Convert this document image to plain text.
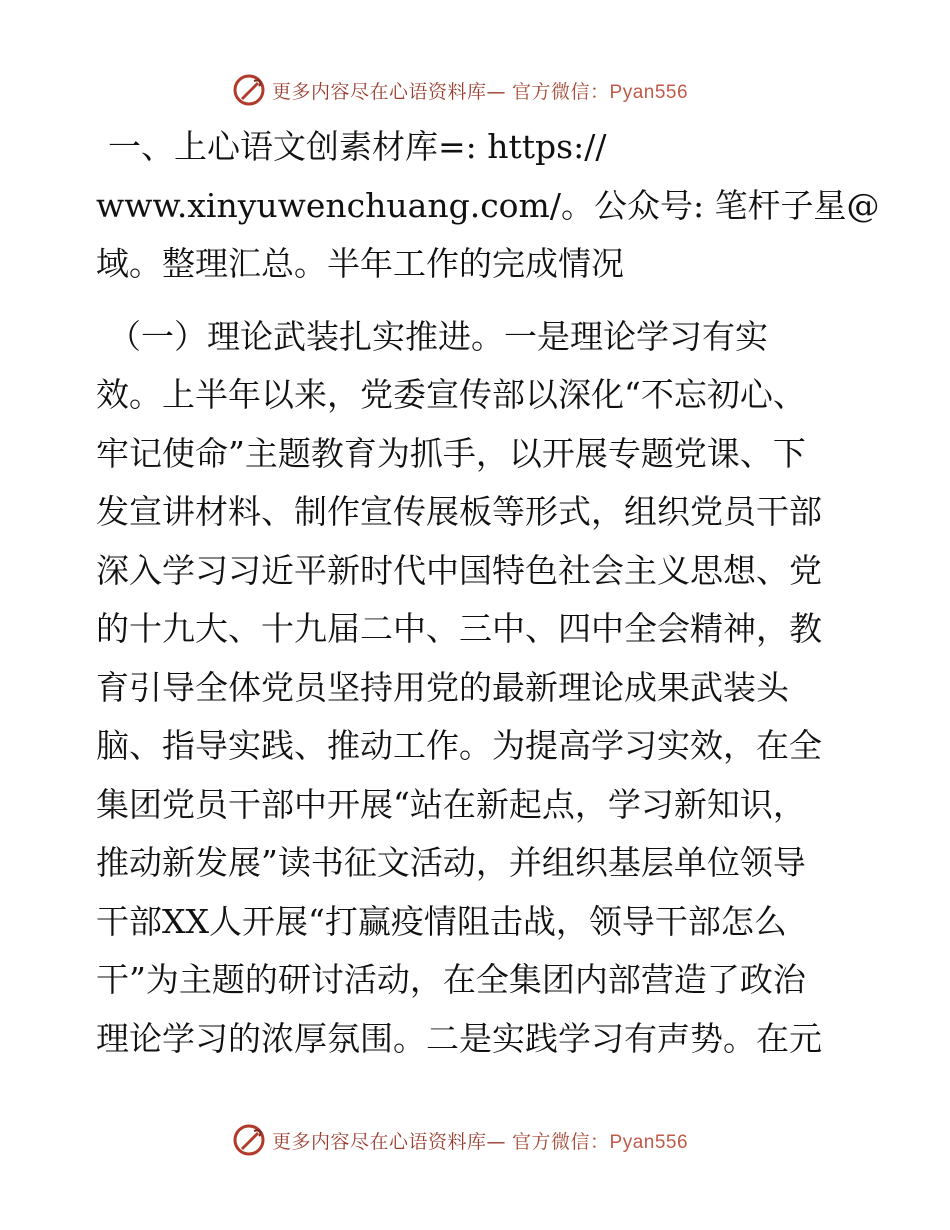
更多内容尽在心语资料库— 官方微信：Pyan556

一、上心语文创素材库=: https://
www.xinyuwenchuang.com/。公众号: 笔杆子星@
域。整理汇总。半年工作的完成情况

（一）理论武装扎实推进。一是理论学习有实
效。上半年以来，党委宣传部以深化“不忘初心、
牢记使命”主题教育为抓手，以开展专题党课、下
发宣讲材料、制作宣传展板等形式，组织党员干部
深入学习习近平新时代中国特色社会主义思想、党
的十九大、十九届二中、三中、四中全会精神，教
育引导全体党员坚持用党的最新理论成果武装头
脑、指导实践、推动工作。为提高学习实效，在全
集团党员干部中开展“站在新起点，学习新知识，
推动新发展”读书征文活动，并组织基层单位领导
干部XX人开展“打赢疫情阻击战，领导干部怎么
干”为主题的研讨活动，在全集团内部营造了政治
理论学习的浓厚氛围。二是实践学习有声势。在元

更多内容尽在心语资料库— 官方微信：Pyan556
